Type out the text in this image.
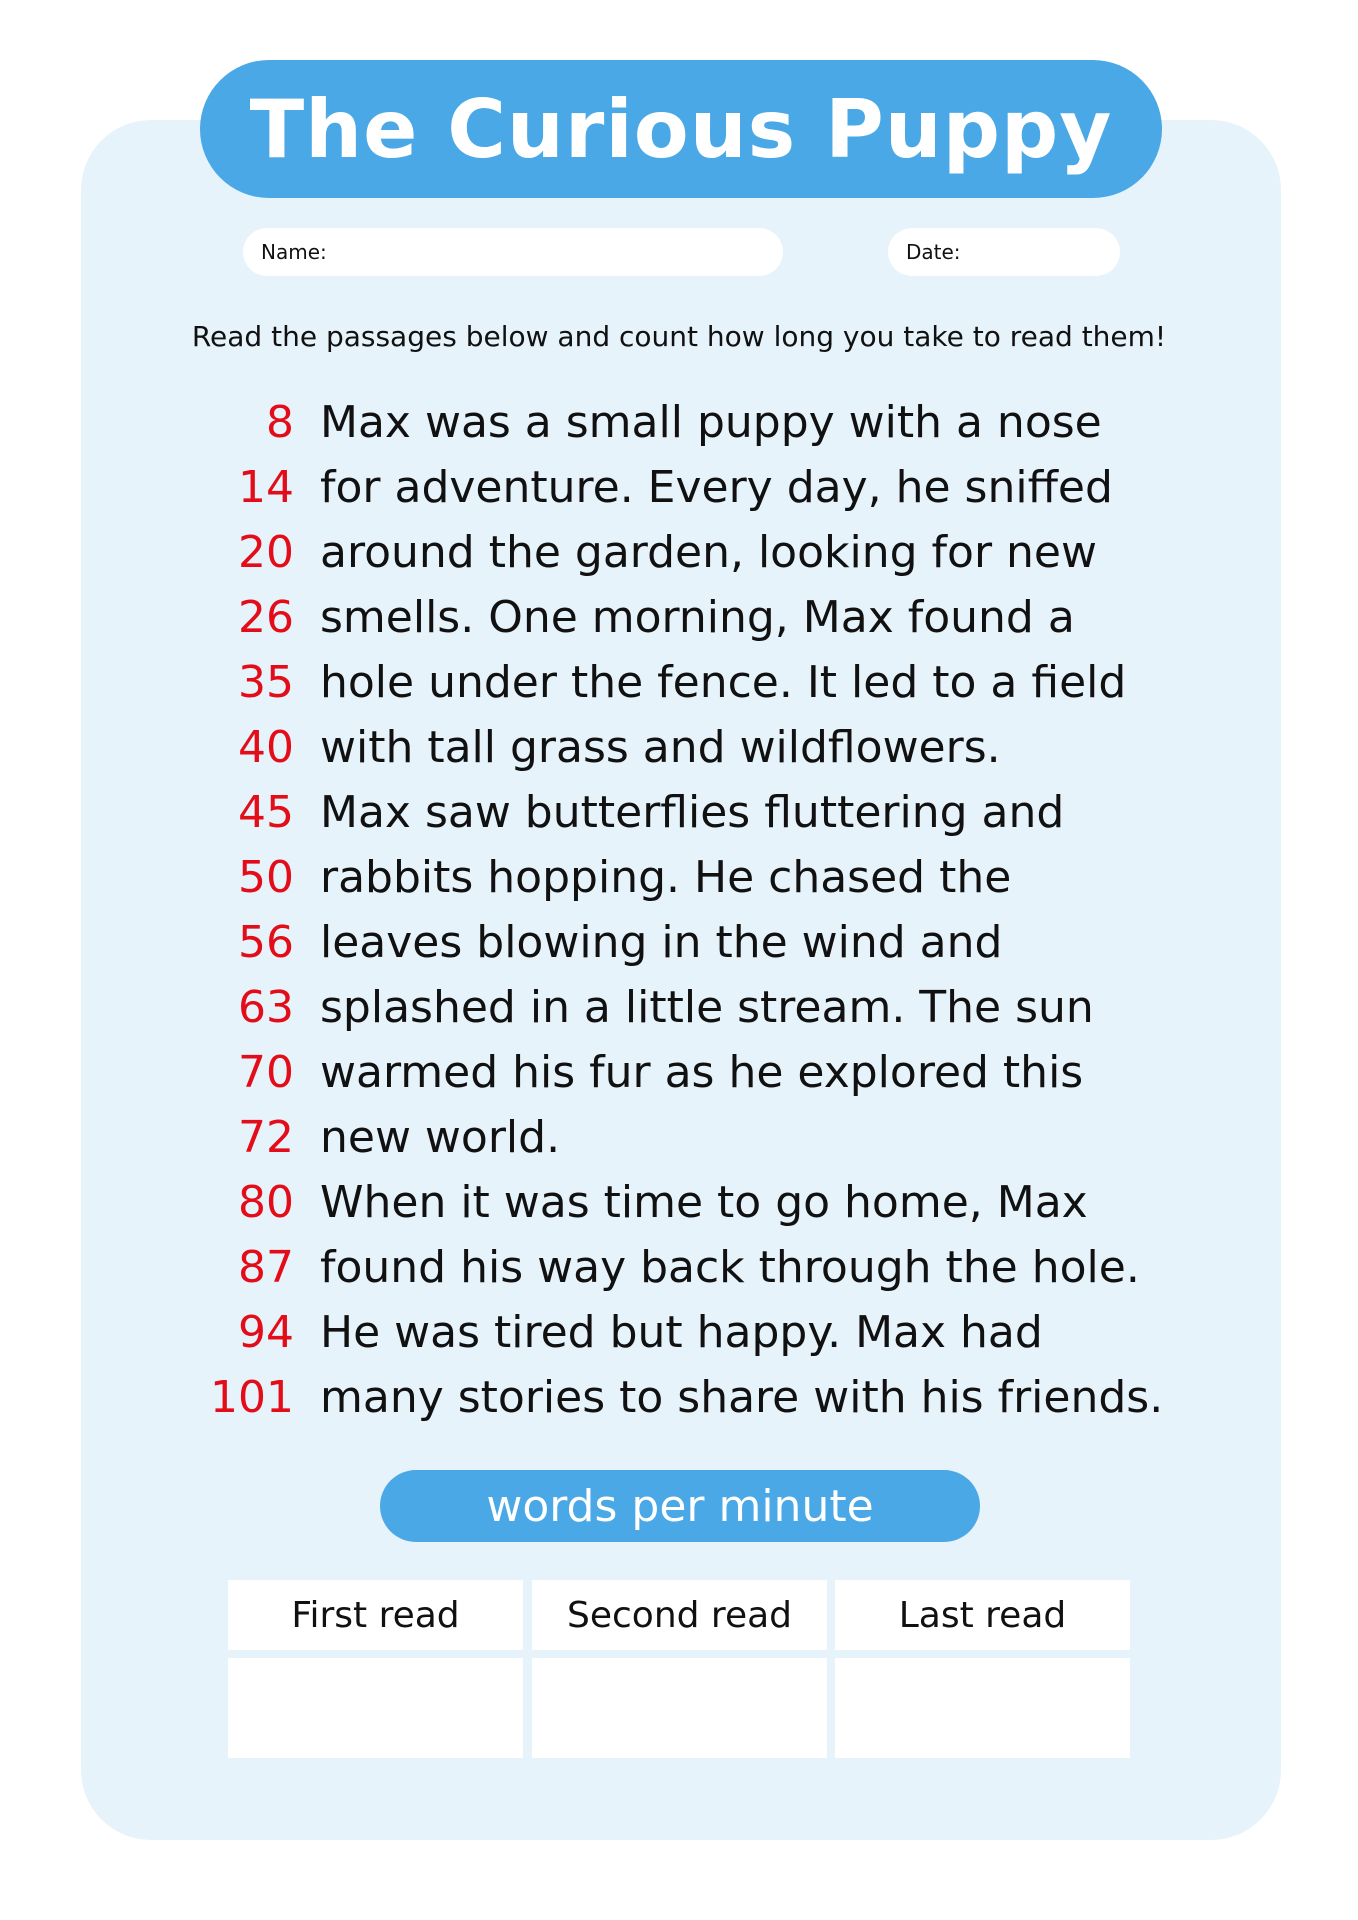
The Curious Puppy
Name:	Date:
Read the passages below and count how long you take to read them!
8 Max was a small puppy with a nose
14 for adventure. Every day, he sniffed
20 around the garden, looking for new
26 smells. One morning, Max found a
35 hole under the fence. It led to a field
40 with tall grass and wildflowers.
45 Max saw butterflies fluttering and
50 rabbits hopping. He chased the
56 leaves blowing in the wind and
63 splashed in a little stream. The sun
70 warmed his fur as he explored this
72 new world.
80 When it was time to go home, Max
87 found his way back through the hole.
94 He was tired but happy. Max had
101 many stories to share with his friends.
words per minute
First read	Second read	Last read
